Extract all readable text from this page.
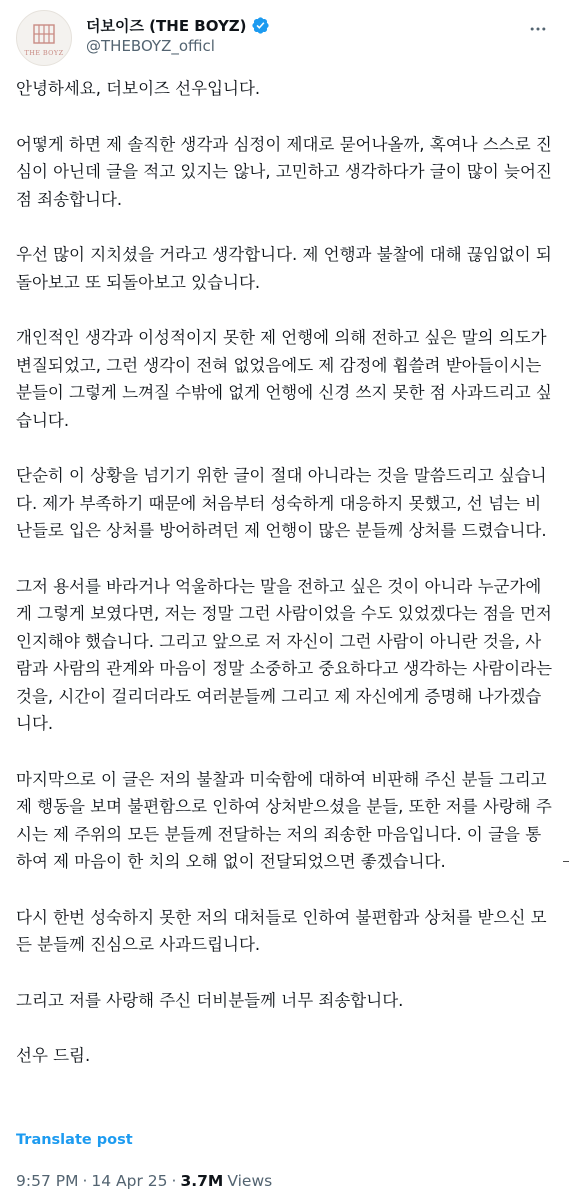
THE BOYZ
더보이즈 (THE BOYZ)
@THEBOYZ_officl

안녕하세요, 더보이즈 선우입니다.

어떻게 하면 제 솔직한 생각과 심정이 제대로 묻어나올까, 혹여나 스스로 진심이 아닌데 글을 적고 있지는 않나, 고민하고 생각하다가 글이 많이 늦어진 점 죄송합니다.

우선 많이 지치셨을 거라고 생각합니다. 제 언행과 불찰에 대해 끊임없이 되돌아보고 또 되돌아보고 있습니다.

개인적인 생각과 이성적이지 못한 제 언행에 의해 전하고 싶은 말의 의도가 변질되었고, 그런 생각이 전혀 없었음에도 제 감정에 휩쓸려 받아들이시는 분들이 그렇게 느껴질 수밖에 없게 언행에 신경 쓰지 못한 점 사과드리고 싶습니다.

단순히 이 상황을 넘기기 위한 글이 절대 아니라는 것을 말씀드리고 싶습니다. 제가 부족하기 때문에 처음부터 성숙하게 대응하지 못했고, 선 넘는 비난들로 입은 상처를 방어하려던 제 언행이 많은 분들께 상처를 드렸습니다.

그저 용서를 바라거나 억울하다는 말을 전하고 싶은 것이 아니라 누군가에게 그렇게 보였다면, 저는 정말 그런 사람이었을 수도 있었겠다는 점을 먼저 인지해야 했습니다. 그리고 앞으로 저 자신이 그런 사람이 아니란 것을, 사람과 사람의 관계와 마음이 정말 소중하고 중요하다고 생각하는 사람이라는 것을, 시간이 걸리더라도 여러분들께 그리고 제 자신에게 증명해 나가겠습니다.

마지막으로 이 글은 저의 불찰과 미숙함에 대하여 비판해 주신 분들 그리고 제 행동을 보며 불편함으로 인하여 상처받으셨을 분들, 또한 저를 사랑해 주시는 제 주위의 모든 분들께 전달하는 저의 죄송한 마음입니다. 이 글을 통하여 제 마음이 한 치의 오해 없이 전달되었으면 좋겠습니다.

다시 한번 성숙하지 못한 저의 대처들로 인하여 불편함과 상처를 받으신 모든 분들께 진심으로 사과드립니다.

그리고 저를 사랑해 주신 더비분들께 너무 죄송합니다.

선우 드림.

Translate post
9:57 PM · 14 Apr 25 · 3.7M Views
